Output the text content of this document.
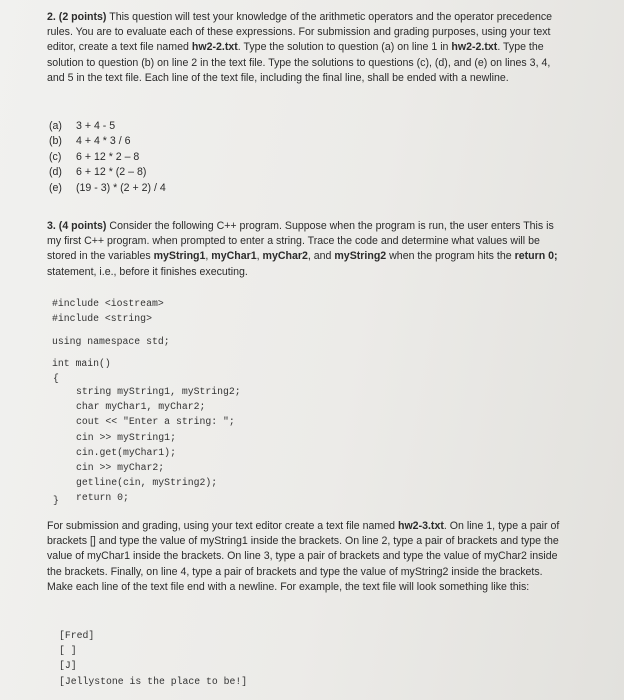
2. (2 points) This question will test your knowledge of the arithmetic operators and the operator precedence rules. You are to evaluate each of these expressions. For submission and grading purposes, using your text editor, create a text file named hw2-2.txt. Type the solution to question (a) on line 1 in hw2-2.txt. Type the solution to question (b) on line 2 in the text file. Type the solutions to questions (c), (d), and (e) on lines 3, 4, and 5 in the text file. Each line of the text file, including the final line, shall be ended with a newline.
(a)	3 + 4 - 5
(b)	4 + 4 * 3 / 6
(c)	6 + 12 * 2 – 8
(d)	6 + 12 * (2 – 8)
(e)	(19 - 3) * (2 + 2) / 4
3. (4 points) Consider the following C++ program. Suppose when the program is run, the user enters This is my first C++ program. when prompted to enter a string. Trace the code and determine what values will be stored in the variables myString1, myChar1, myChar2, and myString2 when the program hits the return 0; statement, i.e., before it finishes executing.
#include <iostream>
#include <string>
using namespace std;
int main()
{
string myString1, myString2;
char myChar1, myChar2;
cout << "Enter a string: ";
cin >> myString1;
cin.get(myChar1);
cin >> myChar2;
getline(cin, myString2);
return 0;
}
For submission and grading, using your text editor create a text file named hw2-3.txt. On line 1, type a pair of brackets [] and type the value of myString1 inside the brackets. On line 2, type a pair of brackets and type the value of myChar1 inside the brackets. On line 3, type a pair of brackets and type the value of myChar2 inside the brackets. Finally, on line 4, type a pair of brackets and type the value of myString2 inside the brackets. Make each line of the text file end with a newline. For example, the text file will look something like this:
[Fred]
[ ]
[J]
[Jellystone is the place to be!]
